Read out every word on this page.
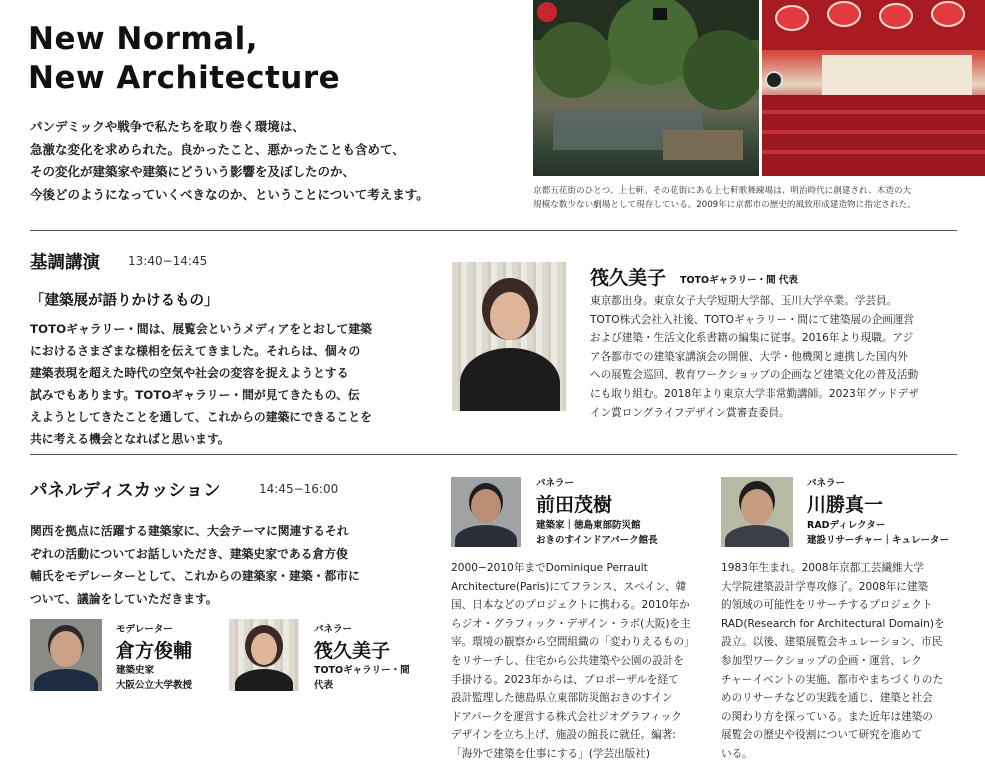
New Normal,
New Architecture

パンデミックや戦争で私たちを取り巻く環境は、

急激な変化を求められた。良かったこと、悪かったことも含めて、

その変化が建築家や建築にどういう影響を及ぼしたのか、

今後どのようになっていくべきなのか、ということについて考えます。	京都五花街のひとつ、上七軒。その花街にある上七軒歌舞練場は、明治時代に創建され、木造の大

規模な数少ない劇場として現存している。2009年に京都市の歴史的風致形成建造物に指定された。

基調講演 13:40−14:45
「建築展が語りかけるもの」

TOTOギャラリー・間は、展覧会というメディアをとおして建築

におけるさまざまな様相を伝えてきました。それらは、個々の

建築表現を超えた時代の空気や社会の変容を捉えようとする

試みでもあります。TOTOギャラリー・間が見てきたもの、伝

えようとしてきたことを通して、これからの建築にできることを

共に考える機会となればと思います。

筏久美子 TOTOギャラリー・間 代表

東京都出身。東京女子大学短期大学部、玉川大学卒業。学芸員。

TOTO株式会社入社後、TOTOギャラリー・間にて建築展の企画運営

および建築・生活文化系書籍の編集に従事。2016年より現職。アジ

ア各都市での建築家講演会の開催、大学・他機関と連携した国内外

への展覧会巡回、教育ワークショップの企画など建築文化の普及活動

にも取り組む。2018年より東京大学非常勤講師。2023年グッドデザ

イン賞ロングライフデザイン賞審査委員。

パネルディスカッション	14:45−16:00

関西を拠点に活躍する建築家に、大会テーマに関連するそれ

ぞれの活動についてお話しいただき、建築史家である倉方俊

輔氏をモデレーターとして、これからの建築家・建築・都市に

ついて、議論をしていただきます。

モデレーター
倉方俊輔
建築史家
大阪公立大学教授
パネラー
筏久美子
TOTOギャラリー・間
代表
パネラー
前田茂樹
建築家｜徳島東部防災館
おきのすインドアパーク館長

2000−2010年までDominique Perrault

Architecture(Paris)にてフランス、スペイン、韓

国、日本などのプロジェクトに携わる。2010年か

らジオ・グラフィック・デザイン・ラボ(大阪)を主

宰。環境の観察から空間組織の「変わりえるもの」

をリサーチし、住宅から公共建築や公園の設計を

手掛ける。2023年からは、プロポーザルを経て

設計監理した徳島県立東部防災館おきのすイン

ドアパークを運営する株式会社ジオグラフィック

デザインを立ち上げ、施設の館長に就任。編著:

「海外で建築を仕事にする」(学芸出版社)

パネラー
川勝真一
RADディレクター
建設リサーチャー｜キュレーター

1983年生まれ。2008年京都工芸繊維大学

大学院建築設計学専攻修了。2008年に建築

的領域の可能性をリサーチするプロジェクト

RAD(Research for Architectural Domain)を

設立。以後、建築展覧会キュレーション、市民

参加型ワークショップの企画・運営、レク

チャーイベントの実施、都市やまちづくりのた

めのリサーチなどの実践を通じ、建築と社会

の関わり方を探っている。また近年は建築の

展覧会の歴史や役割について研究を進めて

いる。
